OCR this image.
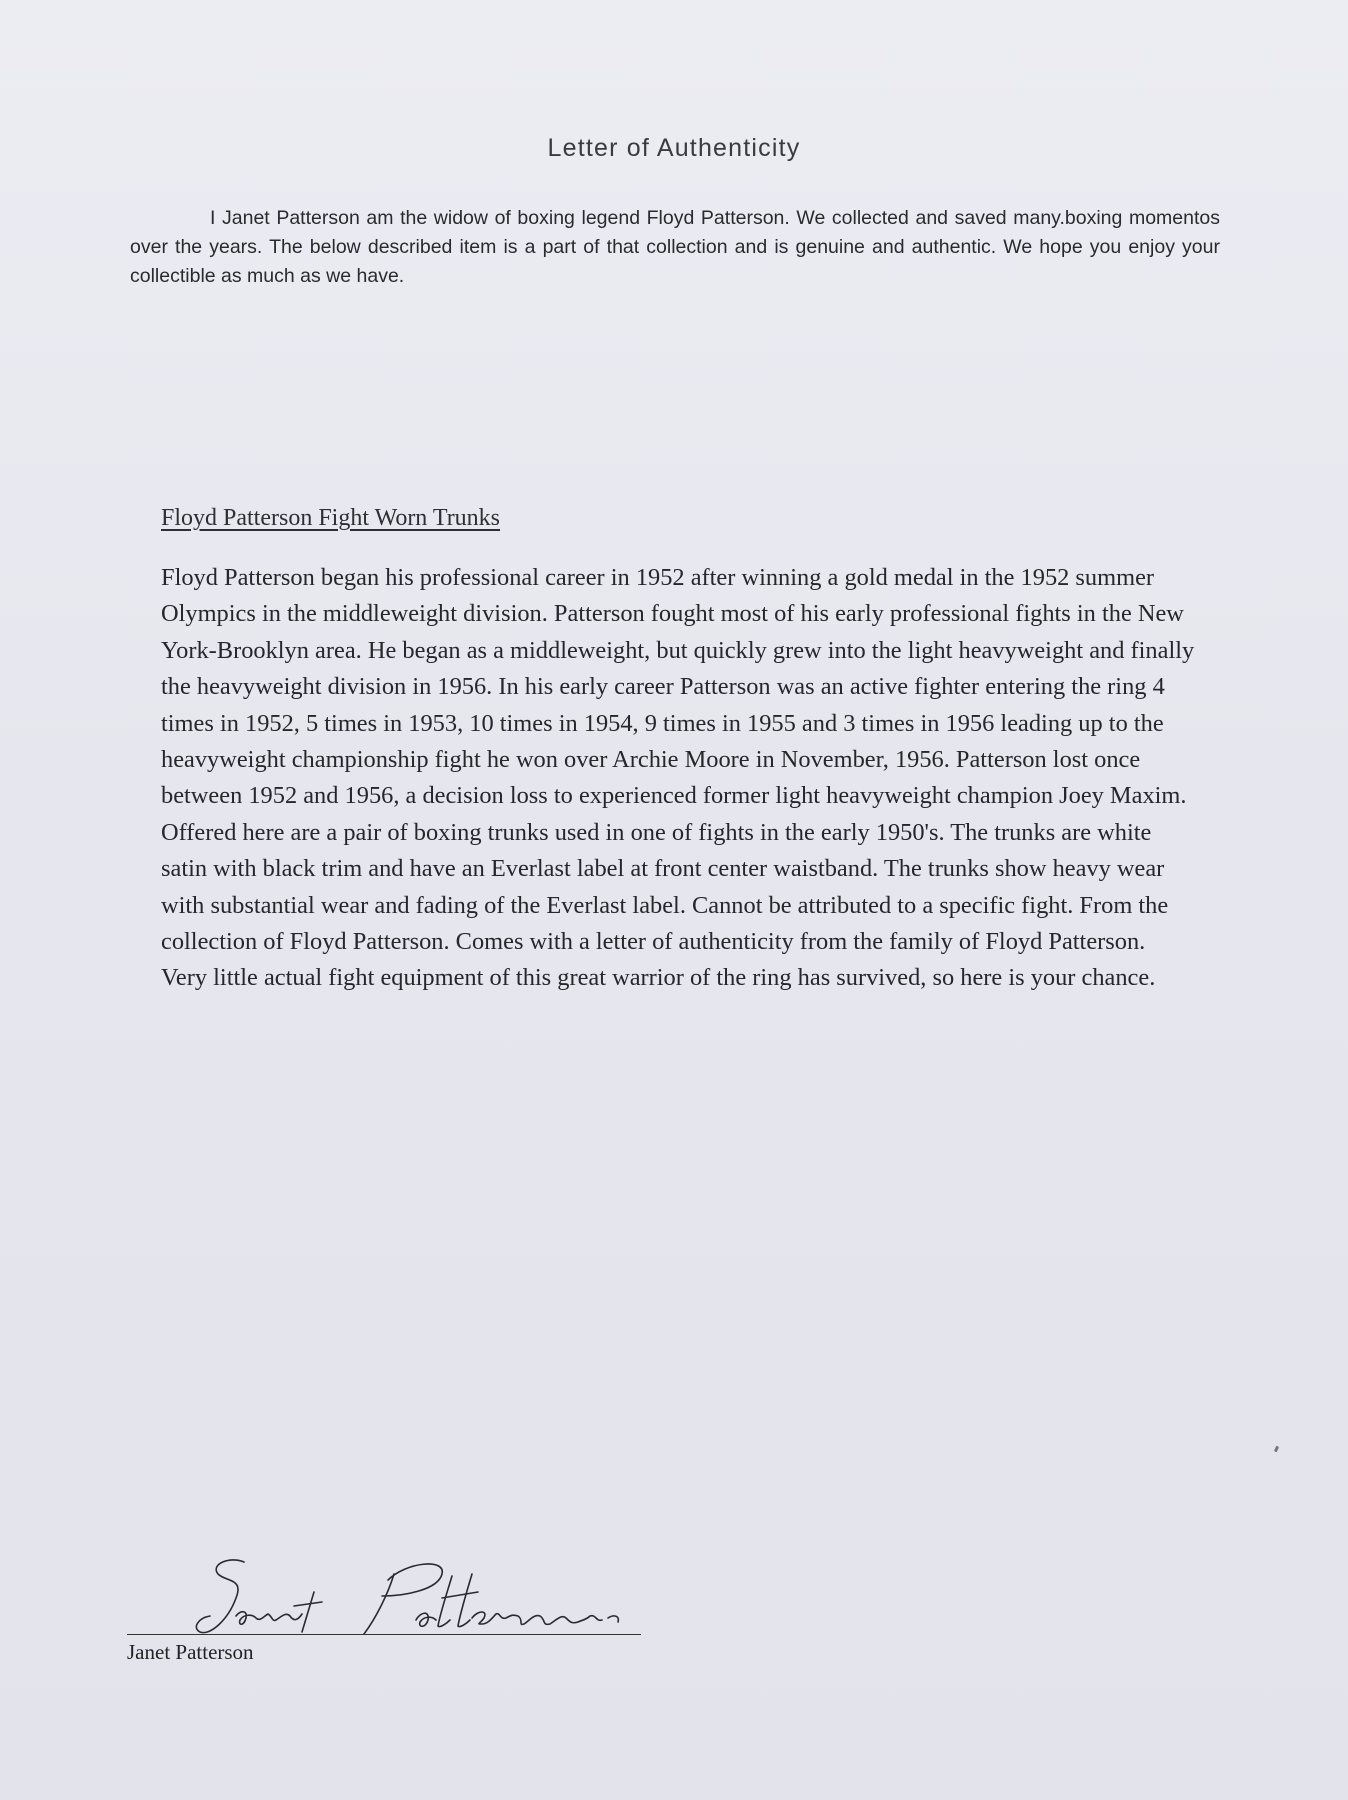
Letter of Authenticity

I Janet Patterson am the widow of boxing legend Floyd Patterson. We collected and saved many.boxing momentos over the years. The below described item is a part of that collection and is genuine and authentic. We hope you enjoy your collectible as much as we have.

Floyd Patterson Fight Worn Trunks

Floyd Patterson began his professional career in 1952 after winning a gold medal in the 1952 summer Olympics in the middleweight division. Patterson fought most of his early professional fights in the New York-Brooklyn area. He began as a middleweight, but quickly grew into the light heavyweight and finally the heavyweight division in 1956. In his early career Patterson was an active fighter entering the ring 4 times in 1952, 5 times in 1953, 10 times in 1954, 9 times in 1955 and 3 times in 1956 leading up to the heavyweight championship fight he won over Archie Moore in November, 1956. Patterson lost once between 1952 and 1956, a decision loss to experienced former light heavyweight champion Joey Maxim. Offered here are a pair of boxing trunks used in one of fights in the early 1950's. The trunks are white satin with black trim and have an Everlast label at front center waistband. The trunks show heavy wear with substantial wear and fading of the Everlast label. Cannot be attributed to a specific fight. From the collection of Floyd Patterson. Comes with a letter of authenticity from the family of Floyd Patterson. Very little actual fight equipment of this great warrior of the ring has survived, so here is your chance.

Janet Patterson
